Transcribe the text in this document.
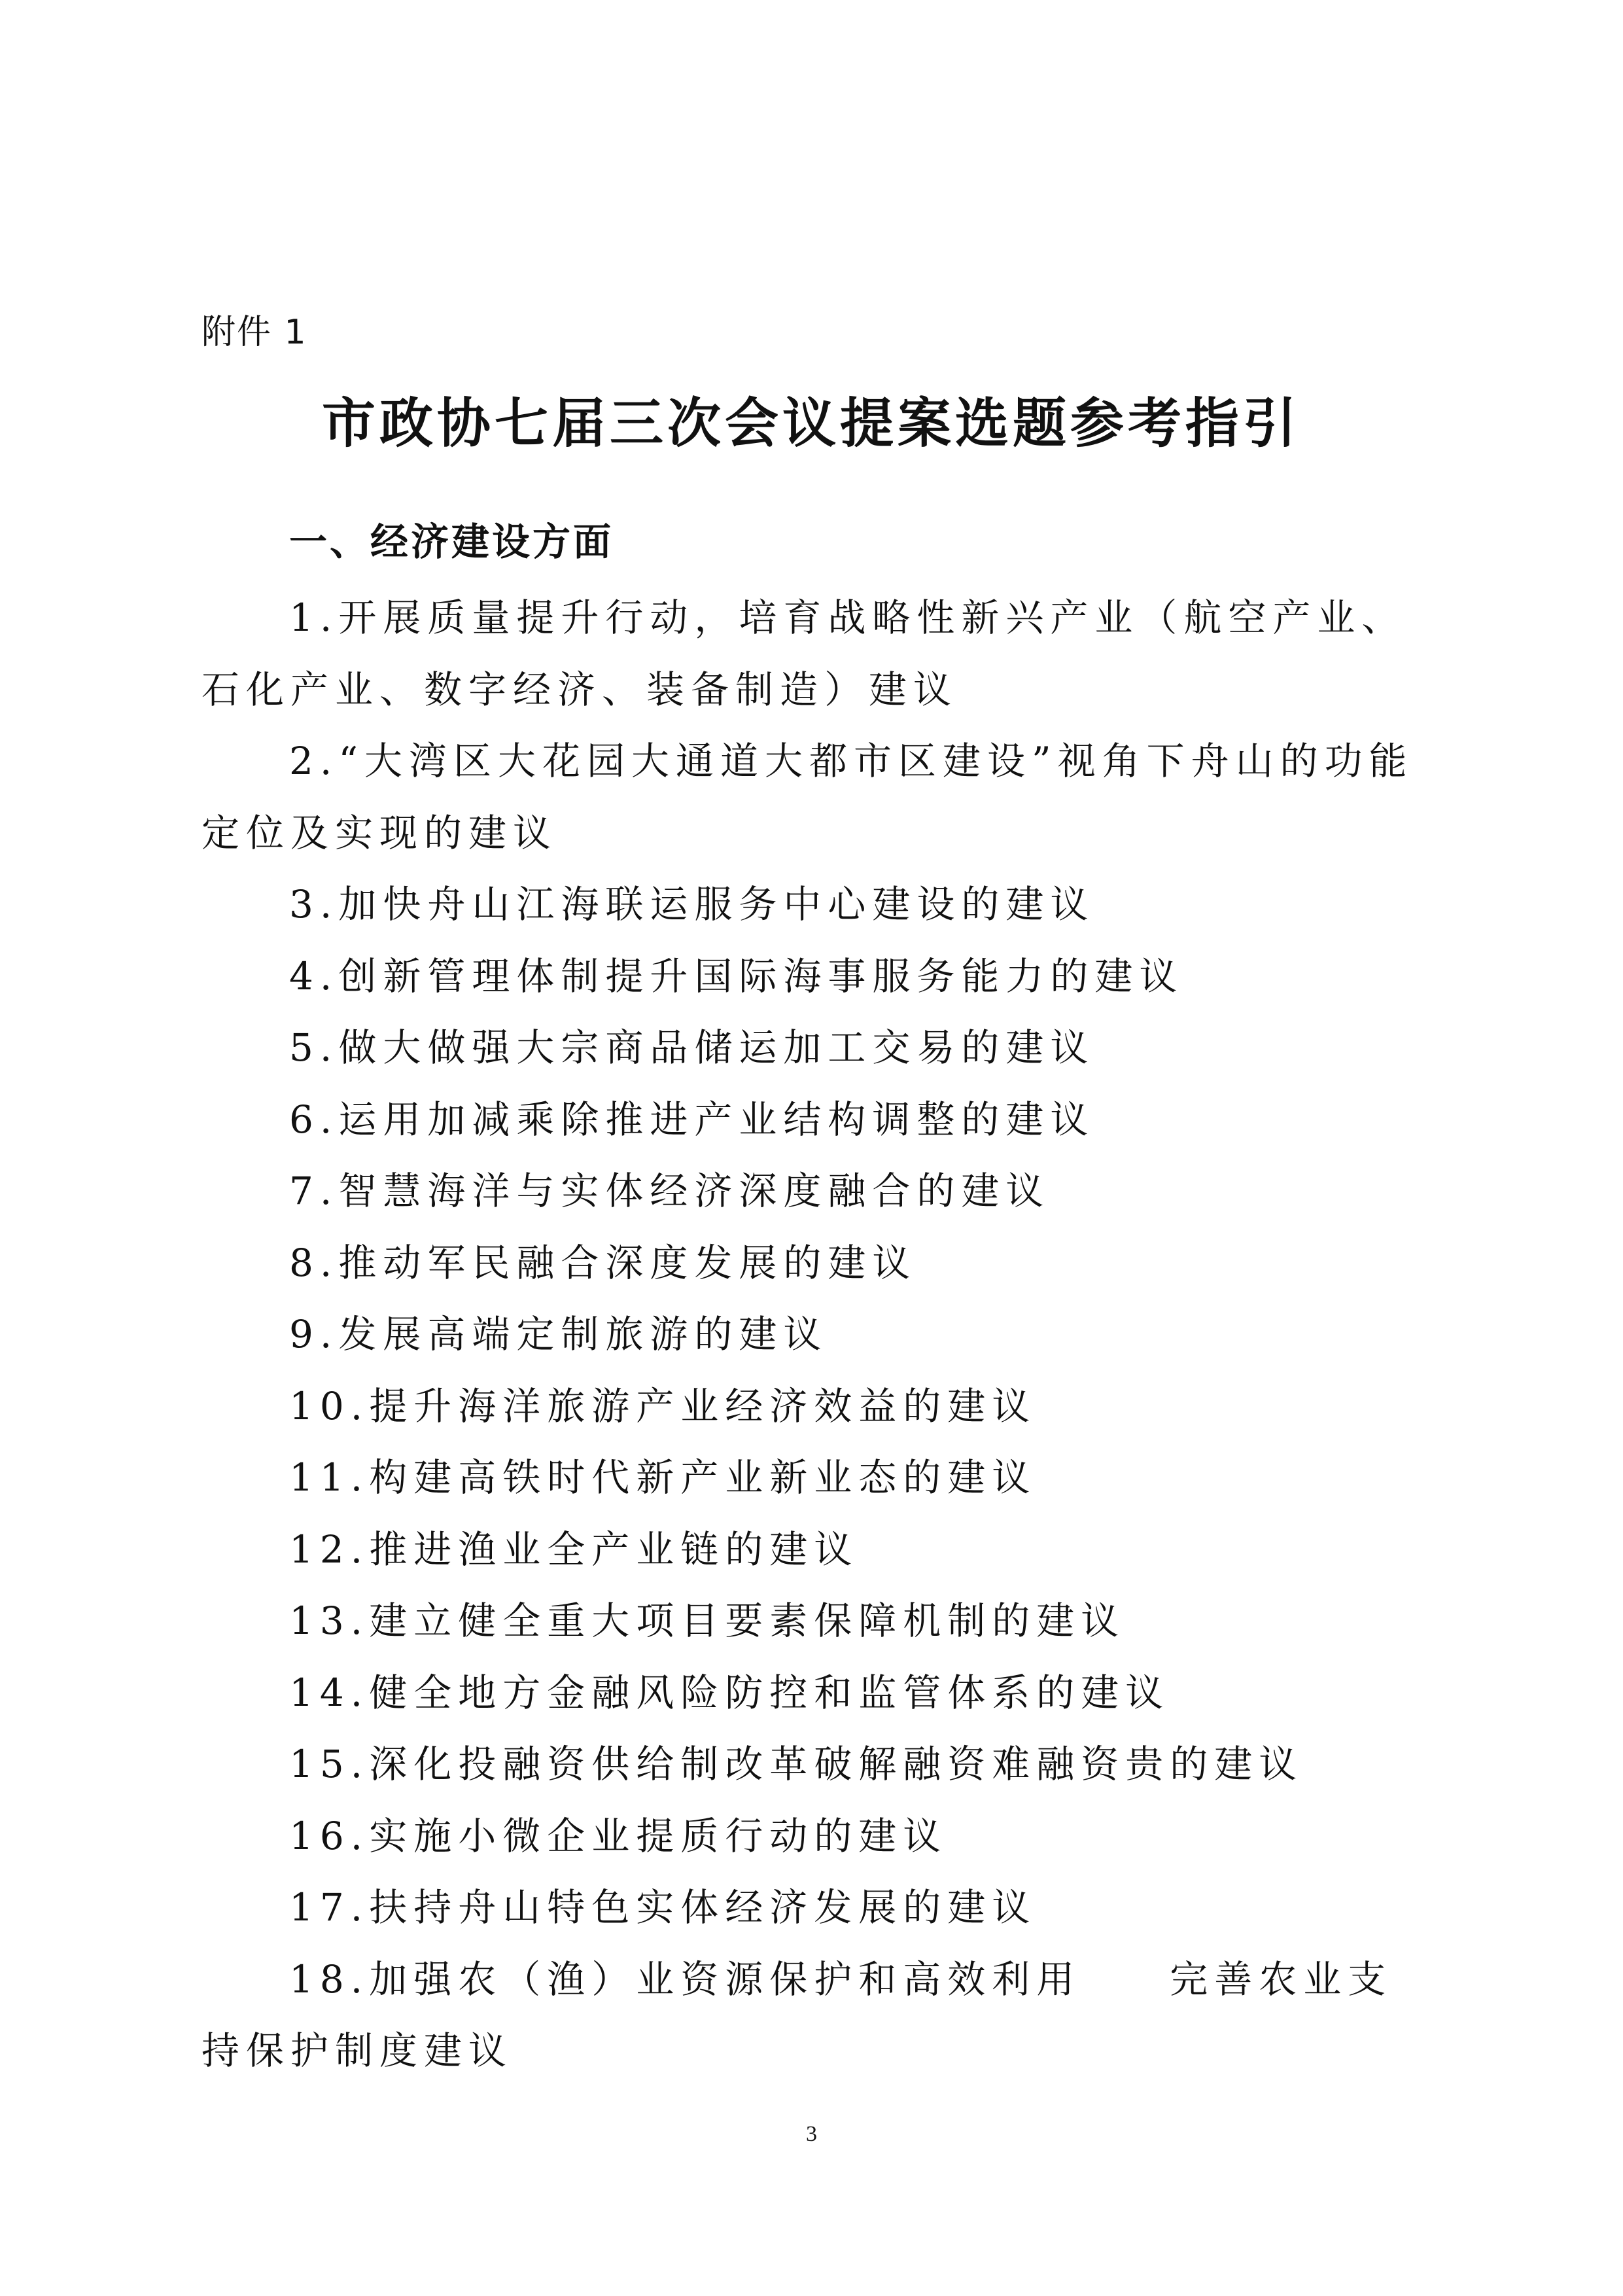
附件 1
市政协七届三次会议提案选题参考指引
一、经济建设方面
1.开展质量提升行动，培育战略性新兴产业（航空产业、石化产业、数字经济、装备制造）建议
2.“大湾区大花园大通道大都市区建设”视角下舟山的功能定位及实现的建议
3.加快舟山江海联运服务中心建设的建议
4.创新管理体制提升国际海事服务能力的建议
5.做大做强大宗商品储运加工交易的建议
6.运用加减乘除推进产业结构调整的建议
7.智慧海洋与实体经济深度融合的建议
8.推动军民融合深度发展的建议
9.发展高端定制旅游的建议
10.提升海洋旅游产业经济效益的建议
11.构建高铁时代新产业新业态的建议
12.推进渔业全产业链的建议
13.建立健全重大项目要素保障机制的建议
14.健全地方金融风险防控和监管体系的建议
15.深化投融资供给制改革破解融资难融资贵的建议
16.实施小微企业提质行动的建议
17.扶持舟山特色实体经济发展的建议
18.加强农（渔）业资源保护和高效利用　　完善农业支持保护制度建议
3
